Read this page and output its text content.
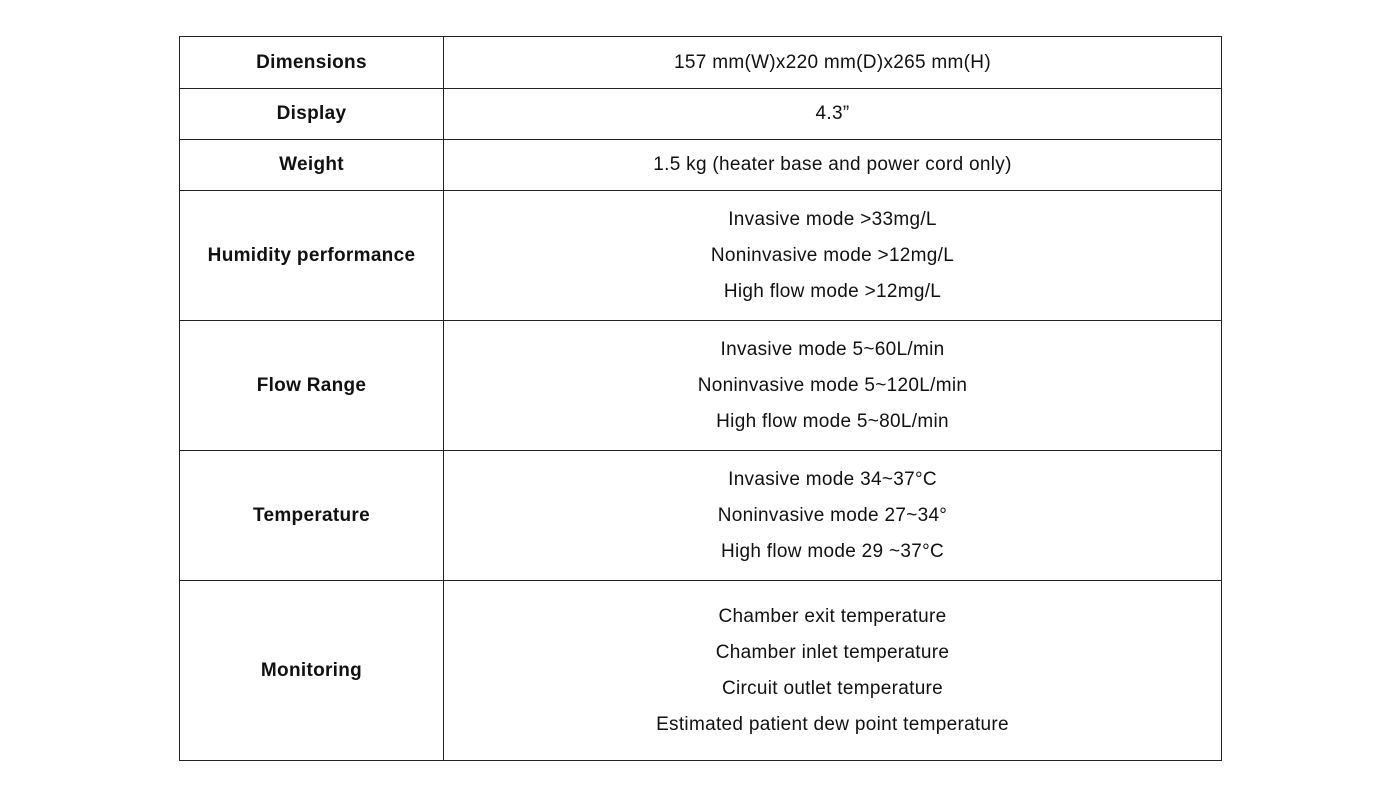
Dimensions	157 mm(W)x220 mm(D)x265 mm(H)

Display	4.3”

Weight	1.5 kg (heater base and power cord only)

Humidity performance	Invasive mode >33mg/L
Noninvasive mode >12mg/L
High flow mode >12mg/L

Flow Range	Invasive mode 5~60L/min
Noninvasive mode 5~120L/min
High flow mode 5~80L/min

Temperature	Invasive mode 34~37°C
Noninvasive mode 27~34°
High flow mode 29 ~37°C

Monitoring	Chamber exit temperature
Chamber inlet temperature
Circuit outlet temperature
Estimated patient dew point temperature
